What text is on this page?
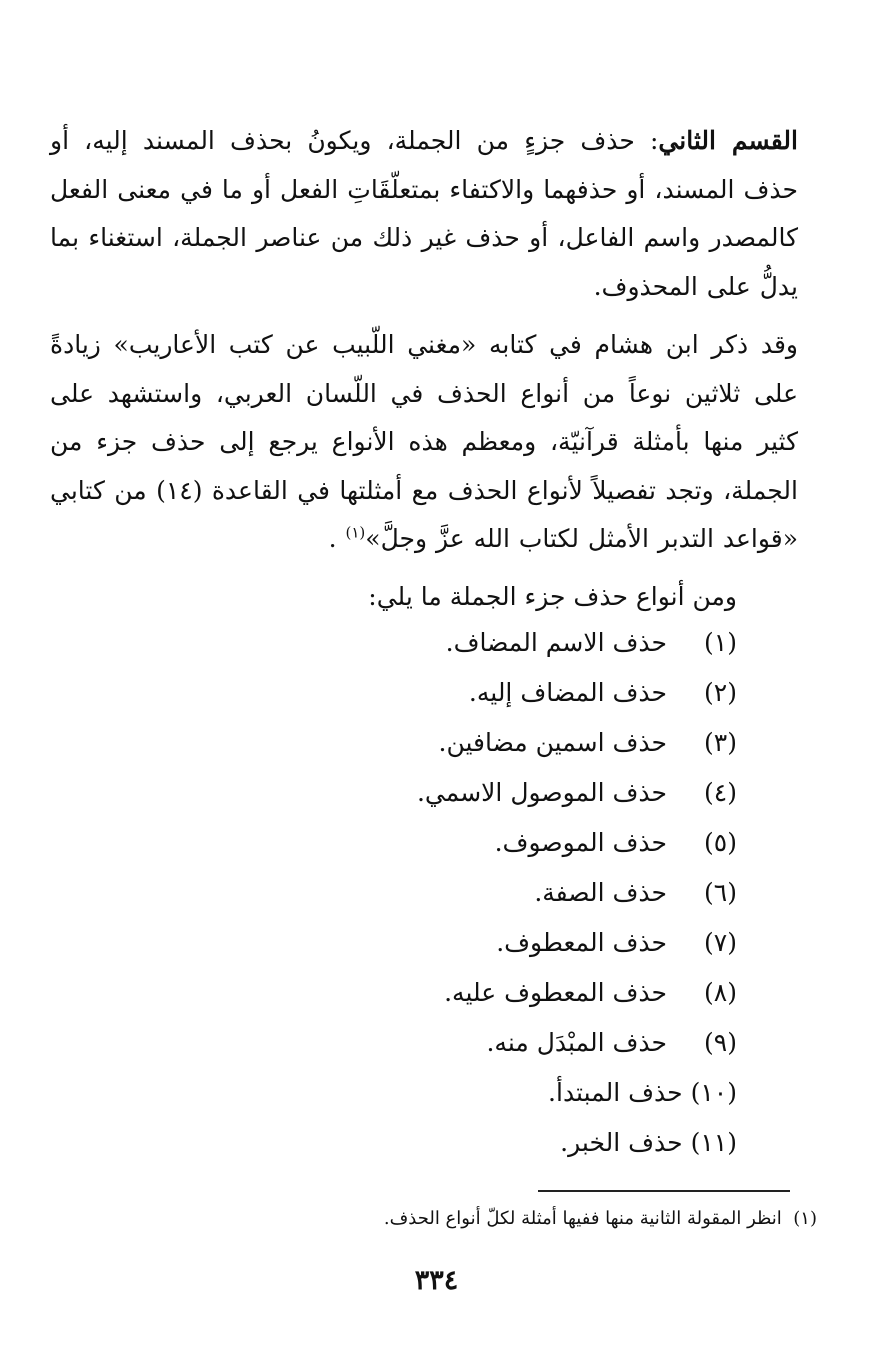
القسم الثاني: حذف جزءٍ من الجملة، ويكونُ بحذف المسند إليه، أو حذف المسند، أو حذفهما والاكتفاء بمتعلّقَاتِ الفعل أو ما في معنى الفعل كالمصدر واسم الفاعل، أو حذف غير ذلك من عناصر الجملة، استغناء بما يدلُّ على المحذوف.

وقد ذكر ابن هشام في كتابه «مغني اللّبيب عن كتب الأعاريب» زيادةً على ثلاثين نوعاً من أنواع الحذف في اللّسان العربي، واستشهد على كثير منها بأمثلة قرآنيّة، ومعظم هذه الأنواع يرجع إلى حذف جزء من الجملة، وتجد تفصيلاً لأنواع الحذف مع أمثلتها في القاعدة (١٤) من كتابي «قواعد التدبر الأمثل لكتاب الله عزَّ وجلَّ»$^{(١)}$ .

ومن أنواع حذف جزء الجملة ما يلي:
(١)حذف الاسم المضاف.
(٢)حذف المضاف إليه.
(٣)حذف اسمين مضافين.
(٤)حذف الموصول الاسمي.
(٥)حذف الموصوف.
(٦)حذف الصفة.
(٧)حذف المعطوف.
(٨)حذف المعطوف عليه.
(٩)حذف المبْدَل منه.
(١٠)حذف المبتدأ.
(١١)حذف الخبر.
(١)  انظر المقولة الثانية منها ففيها أمثلة لكلّ أنواع الحذف.
٣٣٤
